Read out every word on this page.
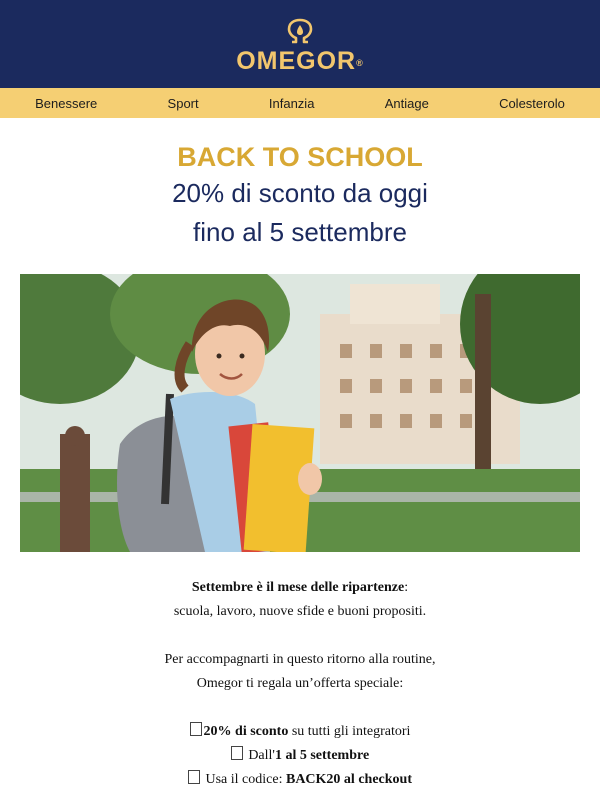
OMEGOR®
Benessere	Sport	Infanzia	Antiage	Colesterolo
BACK TO SCHOOL
20% di sconto da oggi
fino al 5 settembre

Settembre è il mese delle ripartenze:

scuola, lavoro, nuove sfide e buoni propositi.

Per accompagnarti in questo ritorno alla routine,

Omegor ti regala un’offerta speciale:

20% di sconto su tutti gli integratori

Dall'1 al 5 settembre

Usa il codice: BACK20 al checkout
